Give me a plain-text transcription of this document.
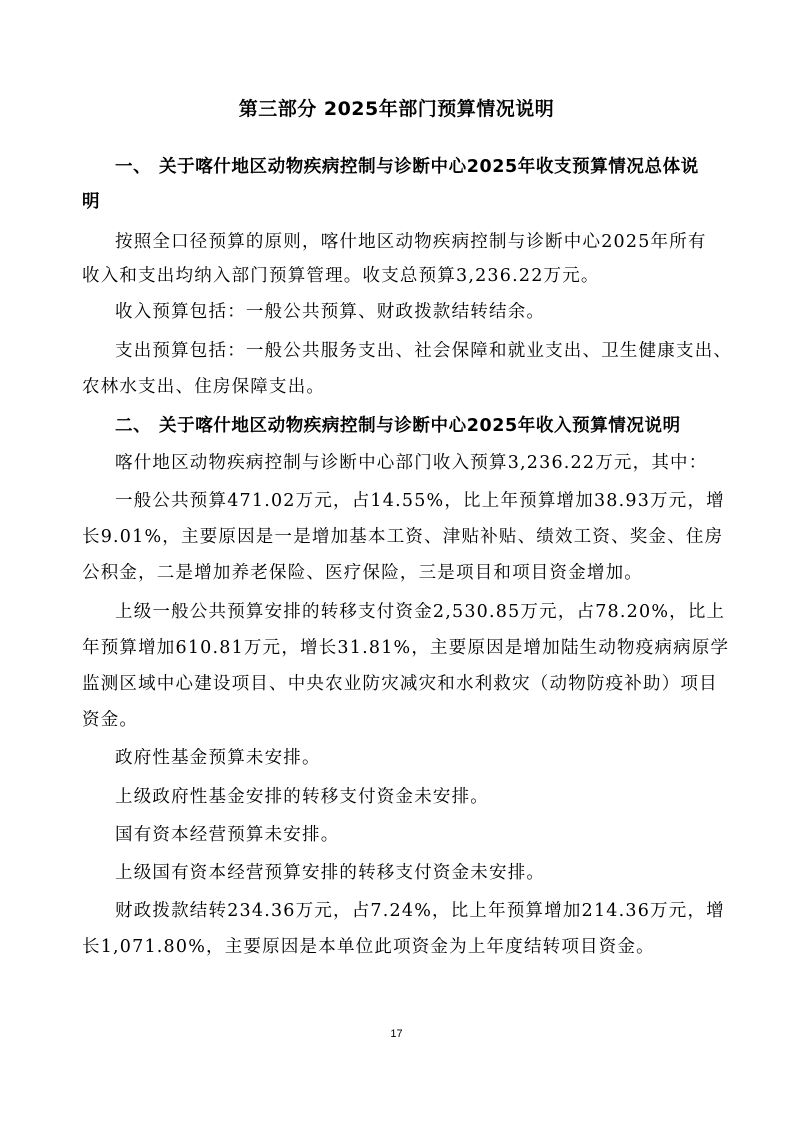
第三部分 2025年部门预算情况说明
一、 关于喀什地区动物疾病控制与诊断中心2025年收支预算情况总体说
明
按照全口径预算的原则，喀什地区动物疾病控制与诊断中心2025年所有
收入和支出均纳入部门预算管理。收支总预算3,236.22万元。
收入预算包括：一般公共预算、财政拨款结转结余。
支出预算包括：一般公共服务支出、社会保障和就业支出、卫生健康支出、
农林水支出、住房保障支出。
二、 关于喀什地区动物疾病控制与诊断中心2025年收入预算情况说明
喀什地区动物疾病控制与诊断中心部门收入预算3,236.22万元，其中：
一般公共预算471.02万元，占14.55%，比上年预算增加38.93万元，增
长9.01%，主要原因是一是增加基本工资、津贴补贴、绩效工资、奖金、住房
公积金，二是增加养老保险、医疗保险，三是项目和项目资金增加。
上级一般公共预算安排的转移支付资金2,530.85万元，占78.20%，比上
年预算增加610.81万元，增长31.81%，主要原因是增加陆生动物疫病病原学
监测区域中心建设项目、中央农业防灾减灾和水利救灾（动物防疫补助）项目
资金。
政府性基金预算未安排。
上级政府性基金安排的转移支付资金未安排。
国有资本经营预算未安排。
上级国有资本经营预算安排的转移支付资金未安排。
财政拨款结转234.36万元，占7.24%，比上年预算增加214.36万元，增
长1,071.80%，主要原因是本单位此项资金为上年度结转项目资金。
17
